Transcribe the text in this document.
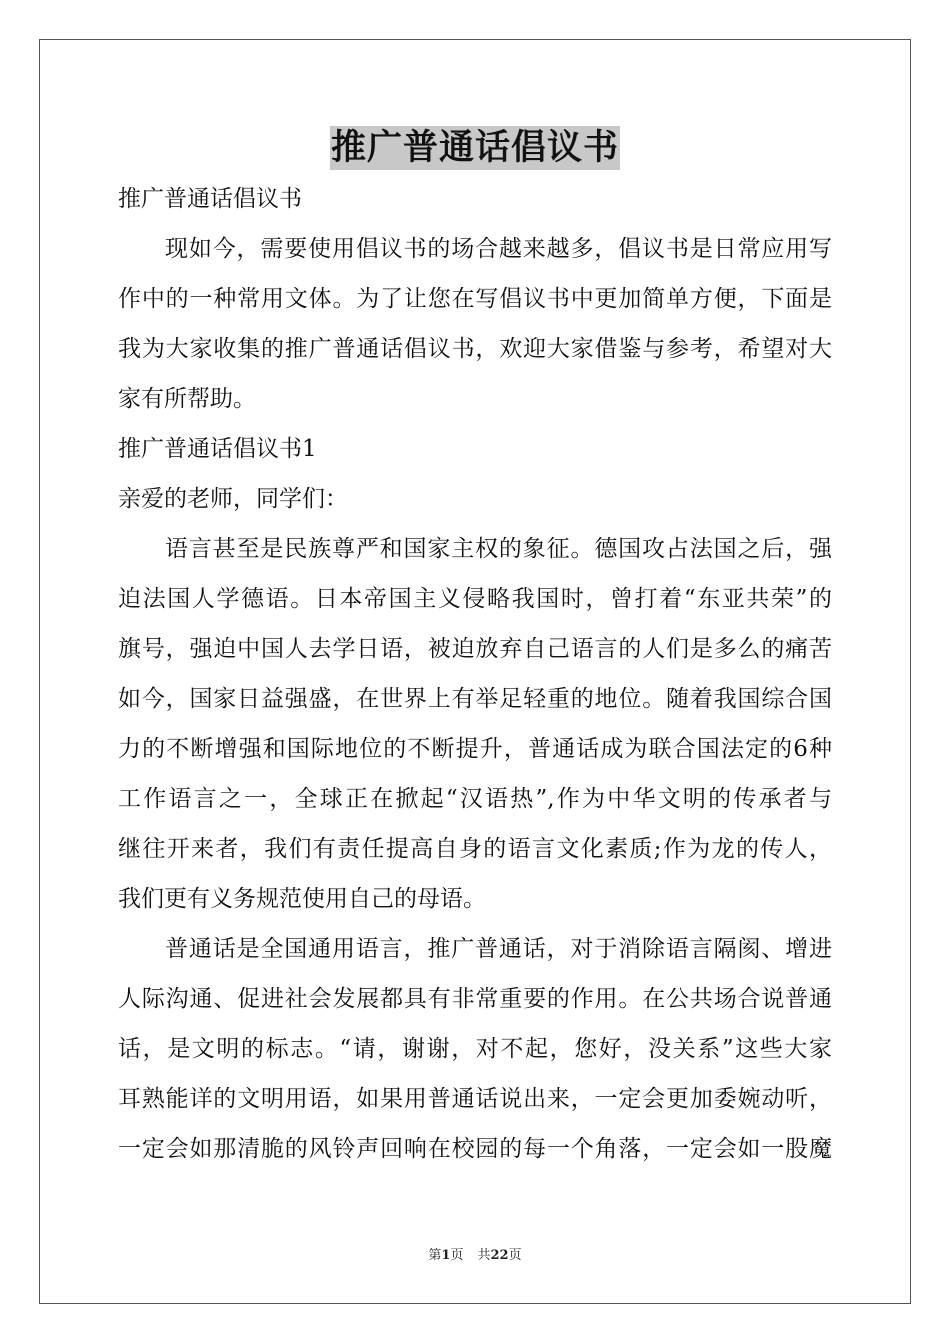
推广普通话倡议书
推广普通话倡议书
现如今，需要使用倡议书的场合越来越多，倡议书是日常应用写
作中的一种常用文体。为了让您在写倡议书中更加简单方便，下面是
我为大家收集的推广普通话倡议书，欢迎大家借鉴与参考，希望对大
家有所帮助。
推广普通话倡议书1
亲爱的老师，同学们：
语言甚至是民族尊严和国家主权的象征。德国攻占法国之后，强
迫法国人学德语。日本帝国主义侵略我国时，曾打着“东亚共荣”的
旗号，强迫中国人去学日语，被迫放弃自己语言的人们是多么的痛苦
如今，国家日益强盛，在世界上有举足轻重的地位。随着我国综合国
力的不断增强和国际地位的不断提升，普通话成为联合国法定的6种
工作语言之一，全球正在掀起“汉语热”,作为中华文明的传承者与
继往开来者，我们有责任提高自身的语言文化素质;作为龙的传人，
我们更有义务规范使用自己的母语。
普通话是全国通用语言，推广普通话，对于消除语言隔阂、增进
人际沟通、促进社会发展都具有非常重要的作用。在公共场合说普通
话，是文明的标志。“请，谢谢，对不起，您好，没关系”这些大家
耳熟能详的文明用语，如果用普通话说出来，一定会更加委婉动听，
一定会如那清脆的风铃声回响在校园的每一个角落，一定会如一股魔
第1页 共22页
